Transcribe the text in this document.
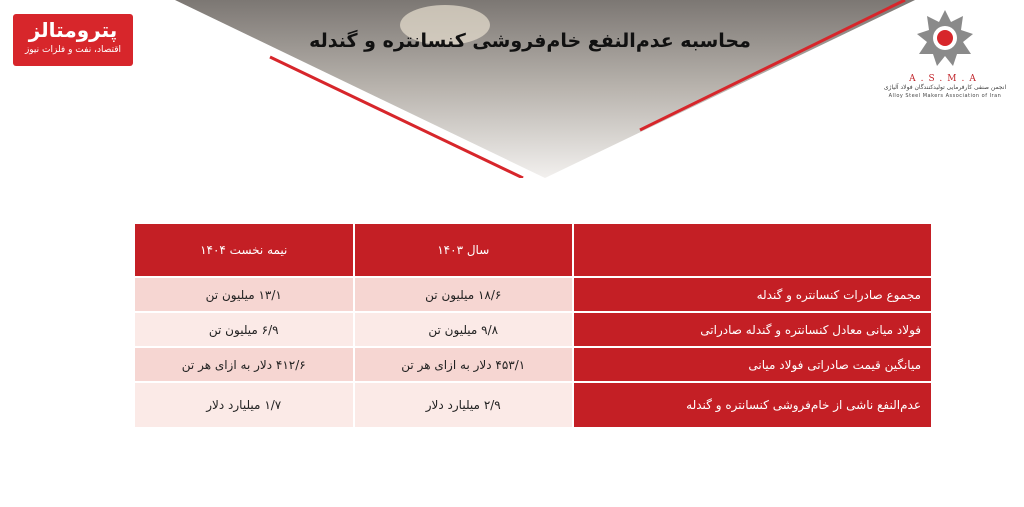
محاسبه عدم‌النفع خام‌فروشی کنسانتره و گندله
پترومتالز
اقتصاد، نفت و فلزات نیوز
A.S.M.A
انجمن صنفی کارفرمایی تولیدکنندگان فولاد آلیاژی
Alloy Steel Makers Association of Iran
	سال ۱۴۰۳	نیمه نخست ۱۴۰۴
مجموع صادرات کنسانتره و گندله	۱۸/۶ میلیون تن	۱۳/۱ میلیون تن
فولاد میانی معادل کنسانتره و گندله صادراتی	۹/۸ میلیون تن	۶/۹ میلیون تن
میانگین قیمت صادراتی فولاد میانی	۴۵۳/۱ دلار به ازای هر تن	۴۱۲/۶ دلار به ازای هر تن
عدم‌النفع ناشی از خام‌فروشی کنسانتره و گندله	۲/۹ میلیارد دلار	۱/۷ میلیارد دلار
